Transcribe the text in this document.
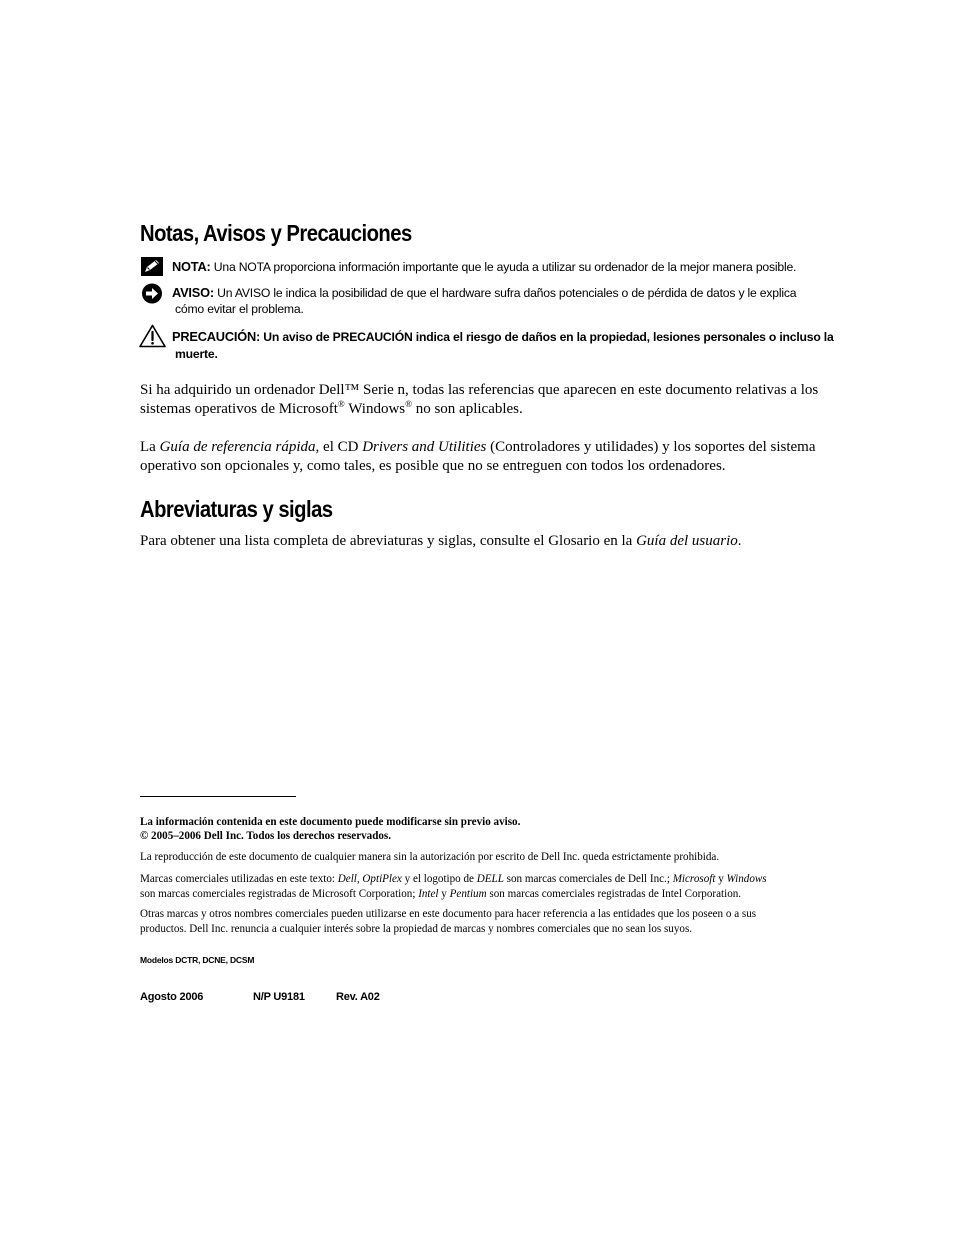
Notas, Avisos y Precauciones
NOTA: Una NOTA proporciona información importante que le ayuda a utilizar su ordenador de la mejor manera posible.
AVISO: Un AVISO le indica la posibilidad de que el hardware sufra daños potenciales o de pérdida de datos y le explica
cómo evitar el problema.
PRECAUCIÓN: Un aviso de PRECAUCIÓN indica el riesgo de daños en la propiedad, lesiones personales o incluso la
muerte.
Si ha adquirido un ordenador Dell™ Serie n, todas las referencias que aparecen en este documento relativas a los
sistemas operativos de Microsoft® Windows® no son aplicables.
La Guía de referencia rápida, el CD Drivers and Utilities (Controladores y utilidades) y los soportes del sistema
operativo son opcionales y, como tales, es posible que no se entreguen con todos los ordenadores.
Abreviaturas y siglas
Para obtener una lista completa de abreviaturas y siglas, consulte el Glosario en la Guía del usuario.
La información contenida en este documento puede modificarse sin previo aviso.
© 2005–2006 Dell Inc. Todos los derechos reservados.
La reproducción de este documento de cualquier manera sin la autorización por escrito de Dell Inc. queda estrictamente prohibida.
Marcas comerciales utilizadas en este texto: Dell, OptiPlex y el logotipo de DELL son marcas comerciales de Dell Inc.; Microsoft y Windows
son marcas comerciales registradas de Microsoft Corporation; Intel y Pentium son marcas comerciales registradas de Intel Corporation.
Otras marcas y otros nombres comerciales pueden utilizarse en este documento para hacer referencia a las entidades que los poseen o a sus
productos. Dell Inc. renuncia a cualquier interés sobre la propiedad de marcas y nombres comerciales que no sean los suyos.
Modelos DCTR, DCNE, DCSM
Agosto 2006	N/P U9181	Rev. A02
